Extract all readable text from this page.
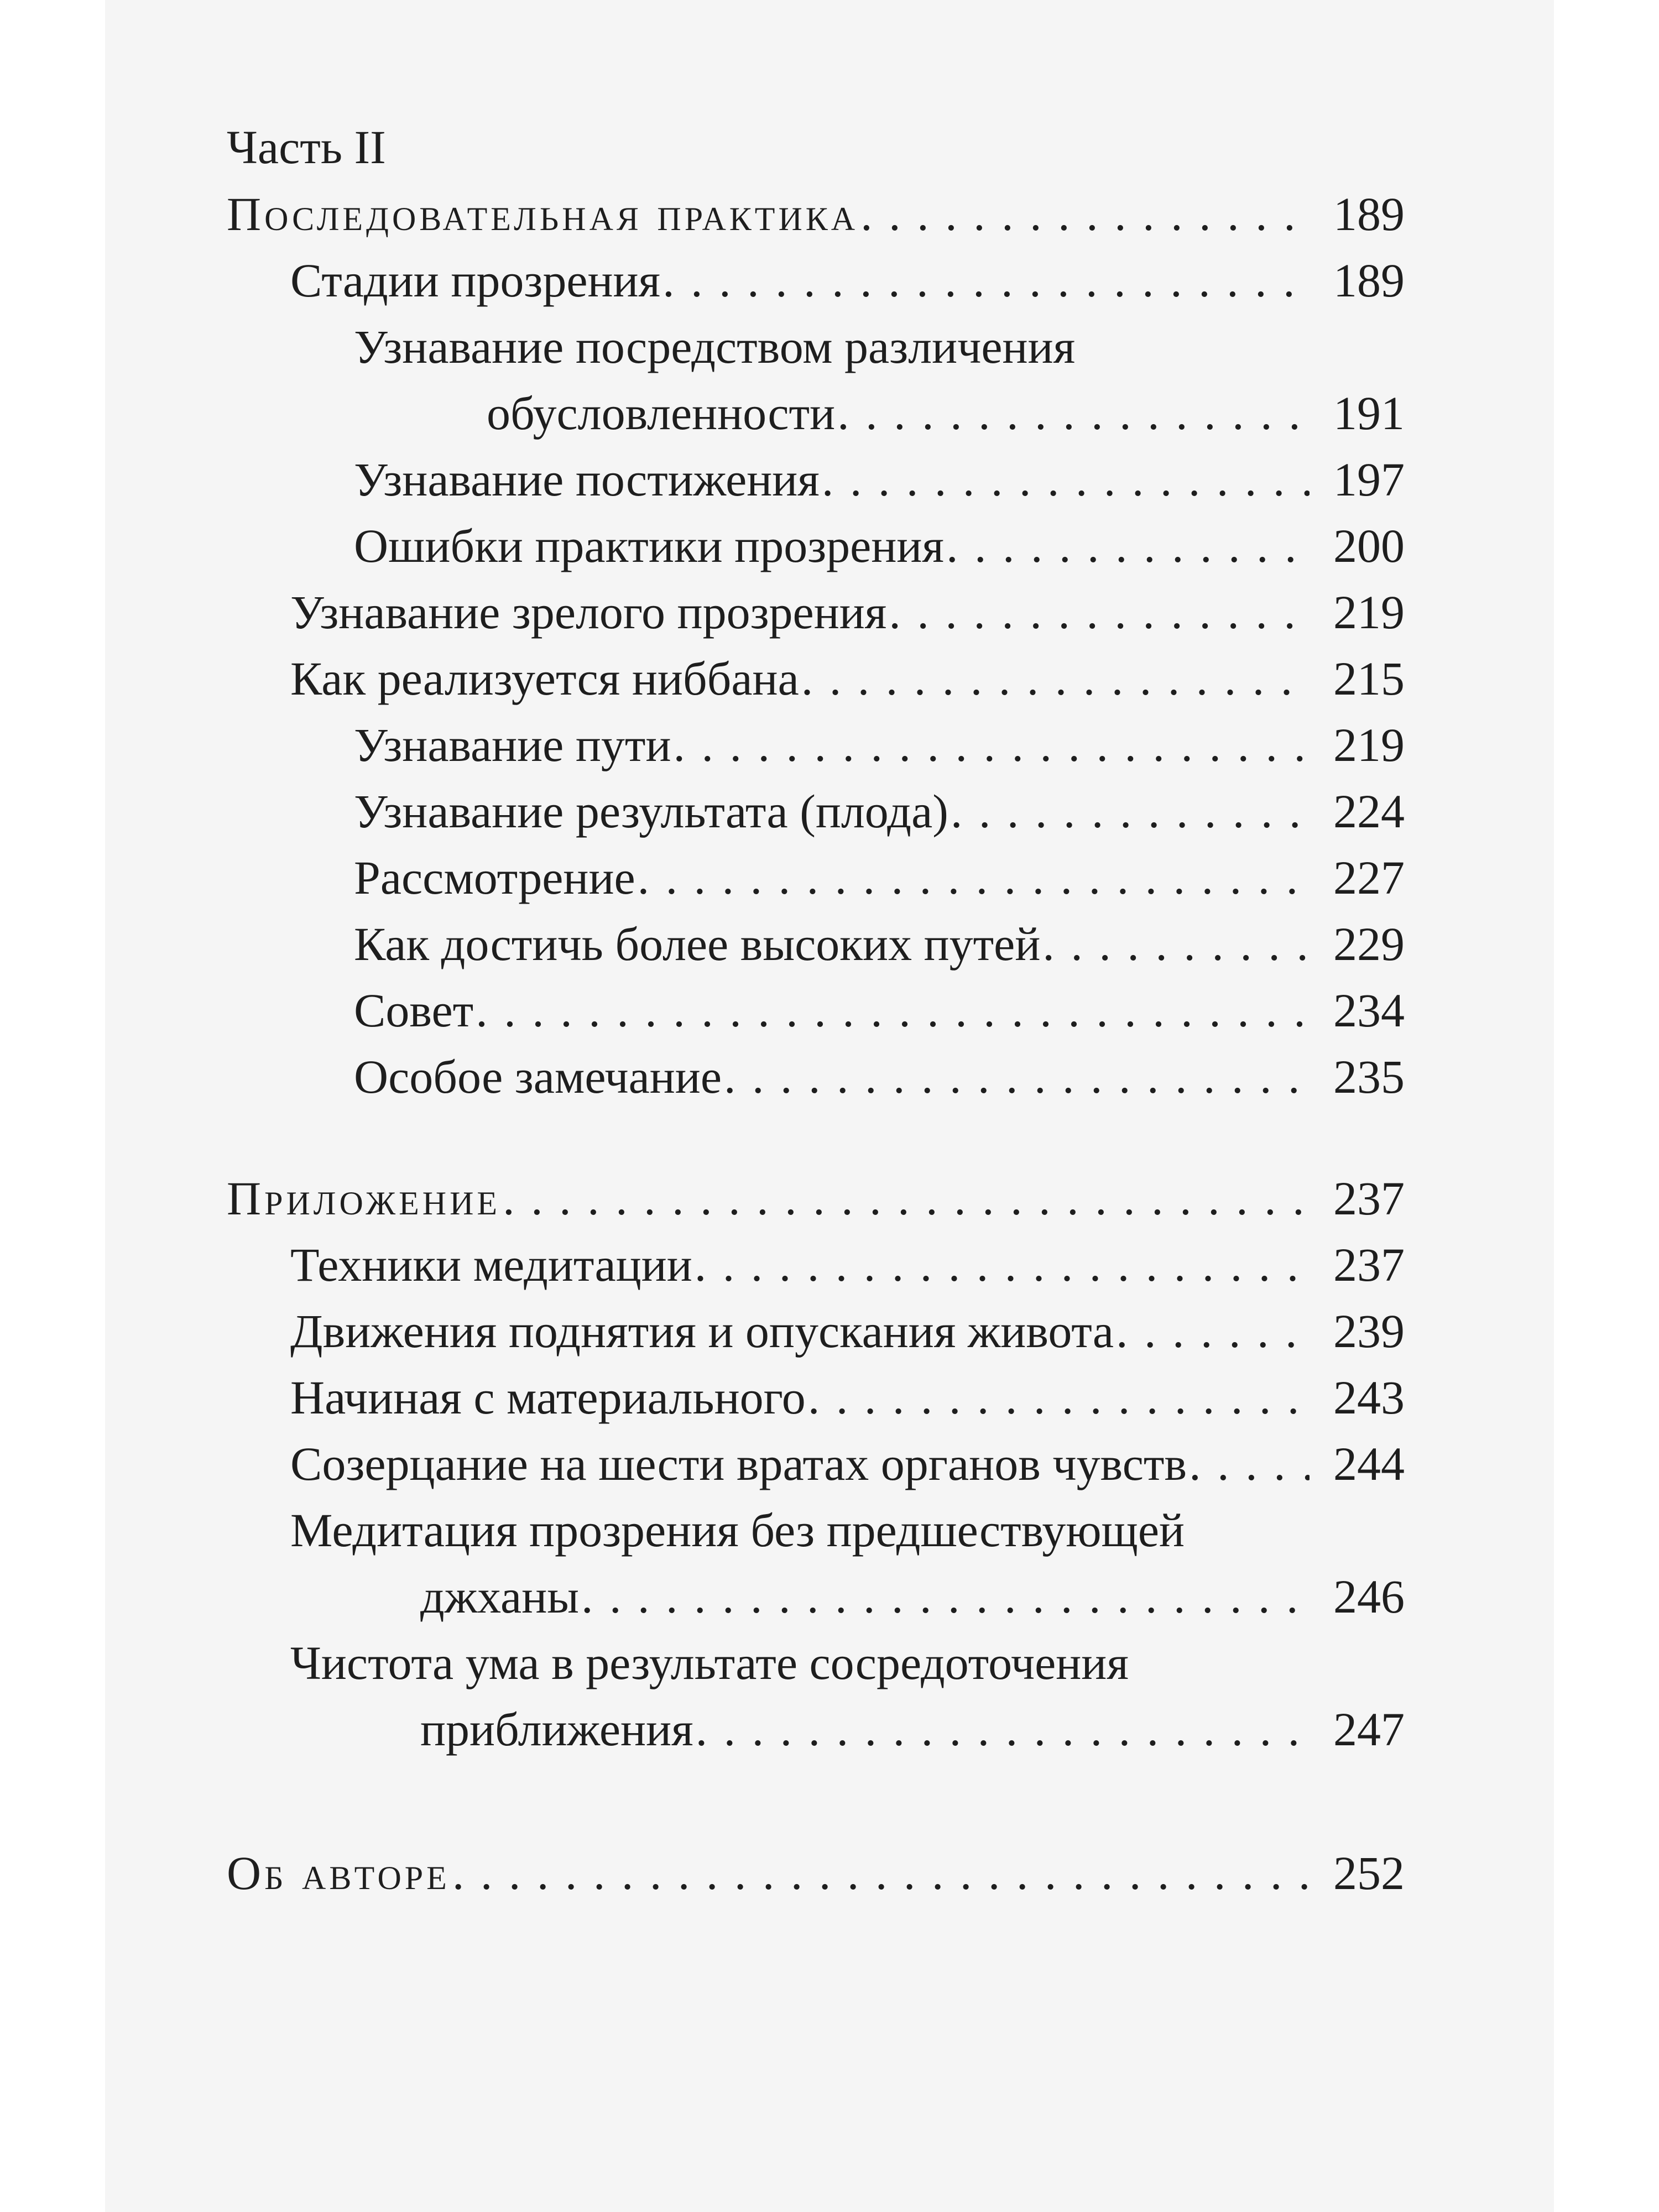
Часть II
Последовательная практика . . .	189
Стадии прозрения . . .	189
Узнавание посредством различения
обусловленности . . .	191
Узнавание постижения . . .	197
Ошибки практики прозрения . . .	200
Узнавание зрелого прозрения . . .	219
Как реализуется ниббана . . .	215
Узнавание пути . . .	219
Узнавание результата (плода) . . .	224
Рассмотрение . . .	227
Как достичь более высоких путей . . .	229
Совет . . .	234
Особое замечание . . .	235
Приложение . . .	237
Техники медитации . . .	237
Движения поднятия и опускания живота . . .	239
Начиная с материального . . .	243
Созерцание на шести вратах органов чувств . . .	244
Медитация прозрения без предшествующей
джханы . . .	246
Чистота ума в результате сосредоточения
приближения . . .	247
Об авторе . . .	252
